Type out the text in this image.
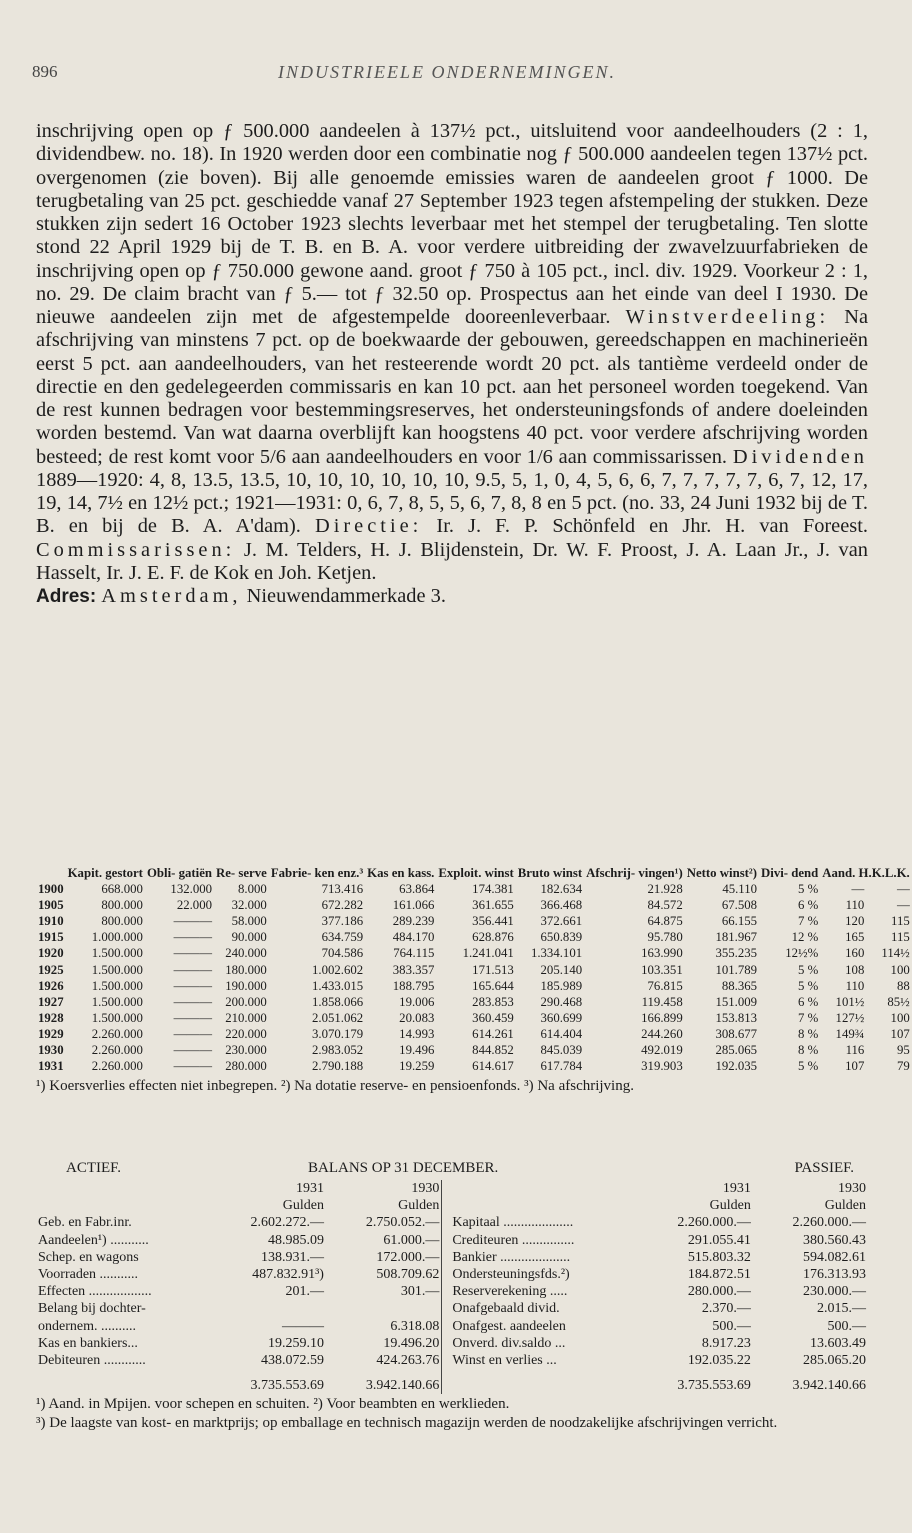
896	INDUSTRIEELE ONDERNEMINGEN.

inschrijving open op ƒ 500.000 aandeelen à 137½ pct., uitsluitend voor aandeelhouders (2 : 1, dividendbew. no. 18). In 1920 werden door een combinatie nog ƒ 500.000 aandeelen tegen 137½ pct. overgenomen (zie boven). Bij alle genoemde emissies waren de aandeelen groot ƒ 1000. De terugbetaling van 25 pct. geschiedde vanaf 27 September 1923 tegen afstempeling der stukken. Deze stukken zijn sedert 16 October 1923 slechts leverbaar met het stempel der terugbetaling. Ten slotte stond 22 April 1929 bij de T. B. en B. A. voor verdere uitbreiding der zwavelzuurfabrieken de inschrijving open op ƒ 750.000 gewone aand. groot ƒ 750 à 105 pct., incl. div. 1929. Voorkeur 2 : 1, no. 29. De claim bracht van ƒ 5.— tot ƒ 32.50 op. Prospectus aan het einde van deel I 1930. De nieuwe aandeelen zijn met de afgestempelde dooreenleverbaar. Winstverdeeling: Na afschrijving van minstens 7 pct. op de boekwaarde der gebouwen, gereedschappen en machinerieën eerst 5 pct. aan aandeelhouders, van het resteerende wordt 20 pct. als tantième verdeeld onder de directie en den gedelegeerden commissaris en kan 10 pct. aan het personeel worden toegekend. Van de rest kunnen bedragen voor bestemmingsreserves, het ondersteuningsfonds of andere doeleinden worden bestemd. Van wat daarna overblijft kan hoogstens 40 pct. voor verdere afschrijving worden besteed; de rest komt voor 5/6 aan aandeelhouders en voor 1/6 aan commissarissen. Dividenden 1889—1920: 4, 8, 13.5, 13.5, 10, 10, 10, 10, 10, 10, 9.5, 5, 1, 0, 4, 5, 6, 6, 7, 7, 7, 7, 7, 6, 7, 12, 17, 19, 14, 7½ en 12½ pct.; 1921—1931: 0, 6, 7, 8, 5, 5, 6, 7, 8, 8 en 5 pct. (no. 33, 24 Juni 1932 bij de T. B. en bij de B. A. A'dam). Directie: Ir. J. F. P. Schönfeld en Jhr. H. van Foreest. Commissarissen: J. M. Telders, H. J. Blijdenstein, Dr. W. F. Proost, J. A. Laan Jr., J. van Hasselt, Ir. J. E. F. de Kok en Joh. Ketjen.

Adres: Amsterdam, Nieuwendammerkade 3.

	Kapit. gestort	Obli- gatiën	Re- serve	Fabrie- ken enz.³	Kas en kass.	Exploit. winst	Bruto winst	Afschrij- vingen¹)	Netto winst²)	Divi- dend	Aand. H.K.L.K.	
1900	668.000	132.000	8.000	713.416	63.864	174.381	182.634	21.928	45.110	5 %	—	—
1905	800.000	22.000	32.000	672.282	161.066	361.655	366.468	84.572	67.508	6 %	110	—
1910	800.000	———	58.000	377.186	289.239	356.441	372.661	64.875	66.155	7 %	120	115
1915	1.000.000	———	90.000	634.759	484.170	628.876	650.839	95.780	181.967	12 %	165	115
1920	1.500.000	———	240.000	704.586	764.115	1.241.041	1.334.101	163.990	355.235	12½%	160	114½
1925	1.500.000	———	180.000	1.002.602	383.357	171.513	205.140	103.351	101.789	5 %	108	100
1926	1.500.000	———	190.000	1.433.015	188.795	165.644	185.989	76.815	88.365	5 %	110	88
1927	1.500.000	———	200.000	1.858.066	19.006	283.853	290.468	119.458	151.009	6 %	101½	85½
1928	1.500.000	———	210.000	2.051.062	20.083	360.459	360.699	166.899	153.813	7 %	127½	100
1929	2.260.000	———	220.000	3.070.179	14.993	614.261	614.404	244.260	308.677	8 %	149¾	107
1930	2.260.000	———	230.000	2.983.052	19.496	844.852	845.039	492.019	285.065	8 %	116	95
1931	2.260.000	———	280.000	2.790.188	19.259	614.617	617.784	319.903	192.035	5 %	107	79
¹) Koersverlies effecten niet inbegrepen. ²) Na dotatie reserve- en pensioenfonds. ³) Na afschrijving.
ACTIEF.	BALANS OP 31 DECEMBER.	PASSIEF.
	1931	1930			1931	1930
	Gulden	Gulden			Gulden	Gulden
Geb. en Fabr.inr.	2.602.272.—	2.750.052.—		Kapitaal ....................	2.260.000.—	2.260.000.—
Aandeelen¹) ...........	48.985.09	61.000.—		Crediteuren ...............	291.055.41	380.560.43
Schep. en wagons	138.931.—	172.000.—		Bankier ....................	515.803.32	594.082.61
Voorraden ...........	487.832.91³)	508.709.62		Ondersteuningsfds.²)	184.872.51	176.313.93
Effecten ..................	201.—	301.—		Reserverekening .....	280.000.—	230.000.—
Belang bij dochter-				Onafgebaald divid.	2.370.—	2.015.—
ondernem. ..........	———	6.318.08		Onafgest. aandeelen	500.—	500.—
Kas en bankiers...	19.259.10	19.496.20		Onverd. div.saldo ...	8.917.23	13.603.49
Debiteuren ............	438.072.59	424.263.76		Winst en verlies ...	192.035.22	285.065.20
	3.735.553.69	3.942.140.66			3.735.553.69	3.942.140.66
¹) Aand. in Mpijen. voor schepen en schuiten. ²) Voor beambten en werklieden.
³) De laagste van kost- en marktprijs; op emballage en technisch magazijn werden de noodzakelijke afschrijvingen verricht.
